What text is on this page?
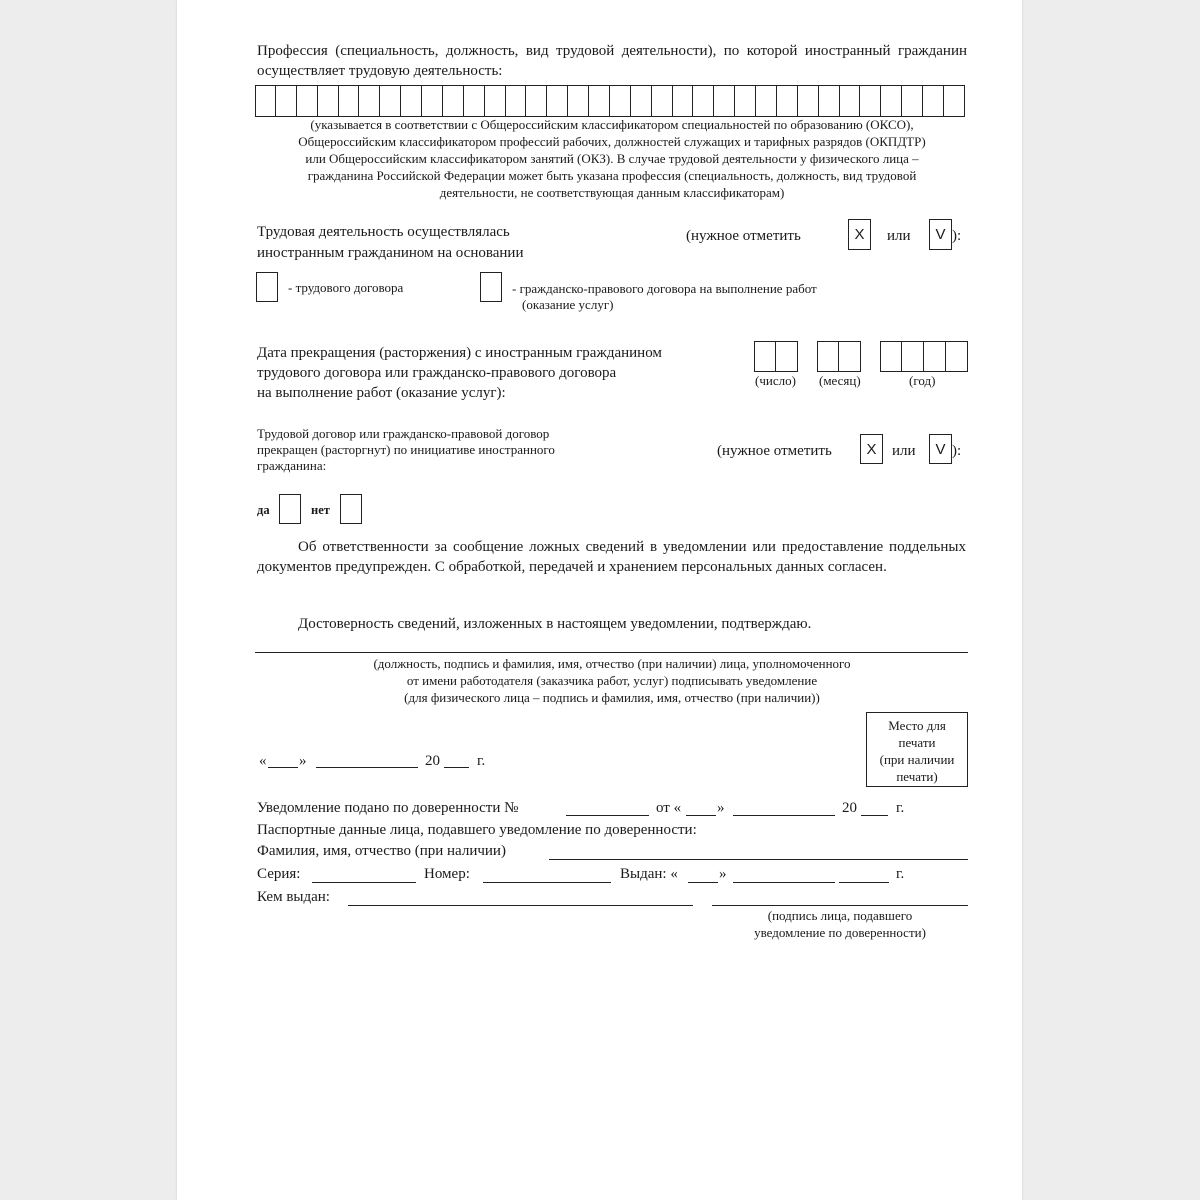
Профессия (специальность, должность, вид трудовой деятельности), по которой иностранный гражданин осуществляет трудовую деятельность:
(указывается в соответствии с Общероссийским классификатором специальностей по образованию (ОКСО),
Общероссийским классификатором профессий рабочих, должностей служащих и тарифных разрядов (ОКПДТР)
или Общероссийским классификатором занятий (ОКЗ). В случае трудовой деятельности у физического лица –
гражданина Российской Федерации может быть указана профессия (специальность, должность, вид трудовой
деятельности, не соответствующая данным классификаторам)
Трудовая деятельность осуществлялась
иностранным гражданином на основании
(нужное отметить	X	или	V ):
- трудового договора	- гражданско-правового договора на выполнение работ
(оказание услуг)
Дата прекращения (расторжения) с иностранным гражданином
трудового договора или гражданско-правового договора
на выполнение работ (оказание услуг):
(число) (месяц)	(год)
Трудовой договор или гражданско-правовой договор
прекращен (расторгнут) по инициативе иностранного
гражданина:
(нужное отметить	X	или	V ):
да	нет
Об ответственности за сообщение ложных сведений в уведомлении или предоставление поддельных документов предупрежден. С обработкой, передачей и хранением персональных данных согласен.
Достоверность сведений, изложенных в настоящем уведомлении, подтверждаю.
(должность, подпись и фамилия, имя, отчество (при наличии) лица, уполномоченного
от имени работодателя (заказчика работ, услуг) подписывать уведомление
(для физического лица – подпись и фамилия, имя, отчество (при наличии))
Место для
печати
(при наличии
печати)
« »	20 г.
Уведомление подано по доверенности №	от « »	20	г.
Паспортные данные лица, подавшего уведомление по доверенности:
Фамилия, имя, отчество (при наличии)
Серия:	Номер:	Выдан: «	»	г.
Кем выдан:
(подпись лица, подавшего
уведомление по доверенности)
